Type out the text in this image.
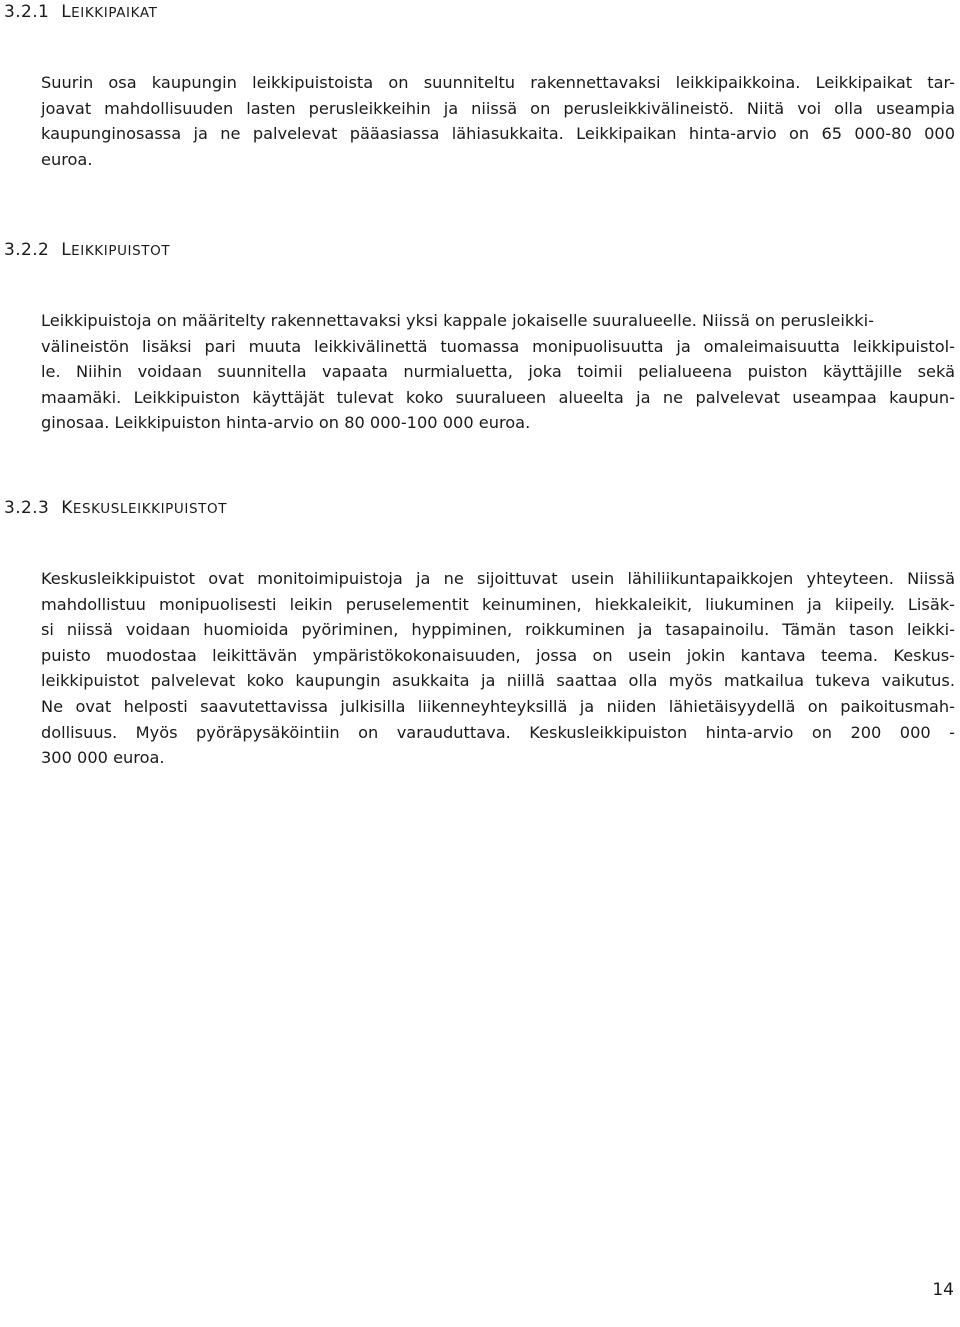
3.2.1 LEIKKIPAIKAT
Suurin osa kaupungin leikkipuistoista on suunniteltu rakennettavaksi leikkipaikkoina. Leikkipaikat tar-
joavat mahdollisuuden lasten perusleikkeihin ja niissä on perusleikkivälineistö. Niitä voi olla useampia
kaupunginosassa ja ne palvelevat pääasiassa lähiasukkaita. Leikkipaikan hinta-arvio on 65 000-80 000
euroa.
3.2.2 LEIKKIPUISTOT
Leikkipuistoja on määritelty rakennettavaksi yksi kappale jokaiselle suuralueelle. Niissä on perusleikki-
välineistön lisäksi pari muuta leikkivälinettä tuomassa monipuolisuutta ja omaleimaisuutta leikkipuistol-
le. Niihin voidaan suunnitella vapaata nurmialuetta, joka toimii pelialueena puiston käyttäjille sekä
maamäki. Leikkipuiston käyttäjät tulevat koko suuralueen alueelta ja ne palvelevat useampaa kaupun-
ginosaa. Leikkipuiston hinta-arvio on 80 000-100 000 euroa.
3.2.3 KESKUSLEIKKIPUISTOT
Keskusleikkipuistot ovat monitoimipuistoja ja ne sijoittuvat usein lähiliikuntapaikkojen yhteyteen. Niissä
mahdollistuu monipuolisesti leikin peruselementit keinuminen, hiekkaleikit, liukuminen ja kiipeily. Lisäk-
si niissä voidaan huomioida pyöriminen, hyppiminen, roikkuminen ja tasapainoilu. Tämän tason leikki-
puisto muodostaa leikittävän ympäristökokonaisuuden, jossa on usein jokin kantava teema. Keskus-
leikkipuistot palvelevat koko kaupungin asukkaita ja niillä saattaa olla myös matkailua tukeva vaikutus.
Ne ovat helposti saavutettavissa julkisilla liikenneyhteyksillä ja niiden lähietäisyydellä on paikoitusmah-
dollisuus. Myös pyöräpysäköintiin on varauduttava. Keskusleikkipuiston hinta-arvio on 200 000 -
300 000 euroa.
14
